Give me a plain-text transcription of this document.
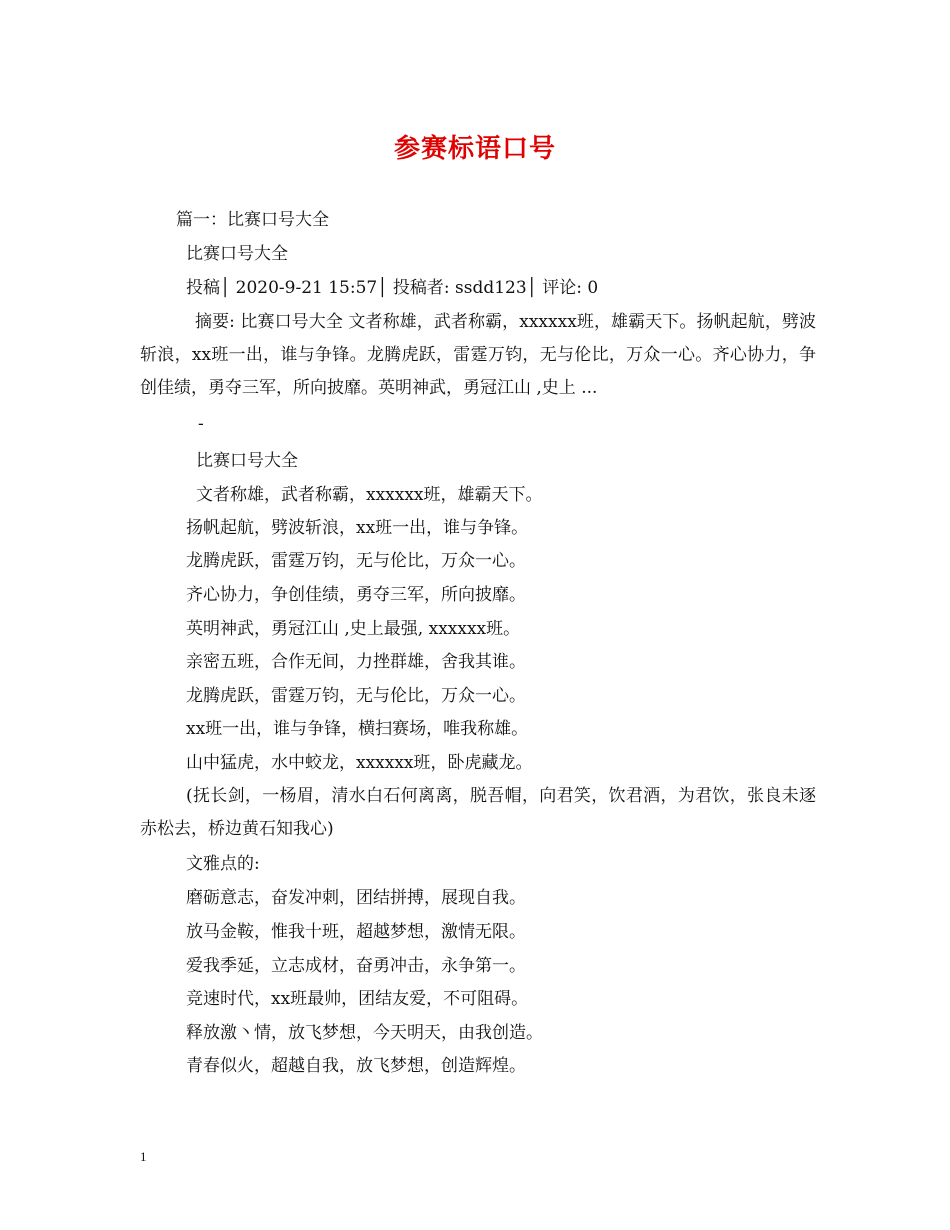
参赛标语口号
篇一：比赛口号大全
比赛口号大全
投稿│ 2020-9-21 15:57│ 投稿者: ssdd123│ 评论: 0
摘要: 比赛口号大全 文者称雄，武者称霸，xxxxxx班，雄霸天下。扬帆起航，劈波斩浪，xx班一出，谁与争锋。龙腾虎跃，雷霆万钧，无与伦比，万众一心。齐心协力，争创佳绩，勇夺三军，所向披靡。英明神武，勇冠江山 ,史上 ...
-
比赛口号大全
文者称雄，武者称霸，xxxxxx班，雄霸天下。
扬帆起航，劈波斩浪，xx班一出，谁与争锋。
龙腾虎跃，雷霆万钧，无与伦比，万众一心。
齐心协力，争创佳绩，勇夺三军，所向披靡。
英明神武，勇冠江山 ,史上最强, xxxxxx班。
亲密五班，合作无间，力挫群雄，舍我其谁。
龙腾虎跃，雷霆万钧，无与伦比，万众一心。
xx班一出，谁与争锋，横扫赛场，唯我称雄。
山中猛虎，水中蛟龙，xxxxxx班，卧虎藏龙。
(抚长剑，一杨眉，清水白石何离离，脱吾帽，向君笑，饮君酒，为君饮，张良未逐赤松去，桥边黄石知我心)
文雅点的:
磨砺意志，奋发冲刺，团结拼搏，展现自我。
放马金鞍，惟我十班，超越梦想，激情无限。
爱我季延，立志成材，奋勇冲击，永争第一。
竞速时代，xx班最帅，团结友爱，不可阻碍。
释放激丶情，放飞梦想，今天明天，由我创造。
青春似火，超越自我，放飞梦想，创造辉煌。
1
